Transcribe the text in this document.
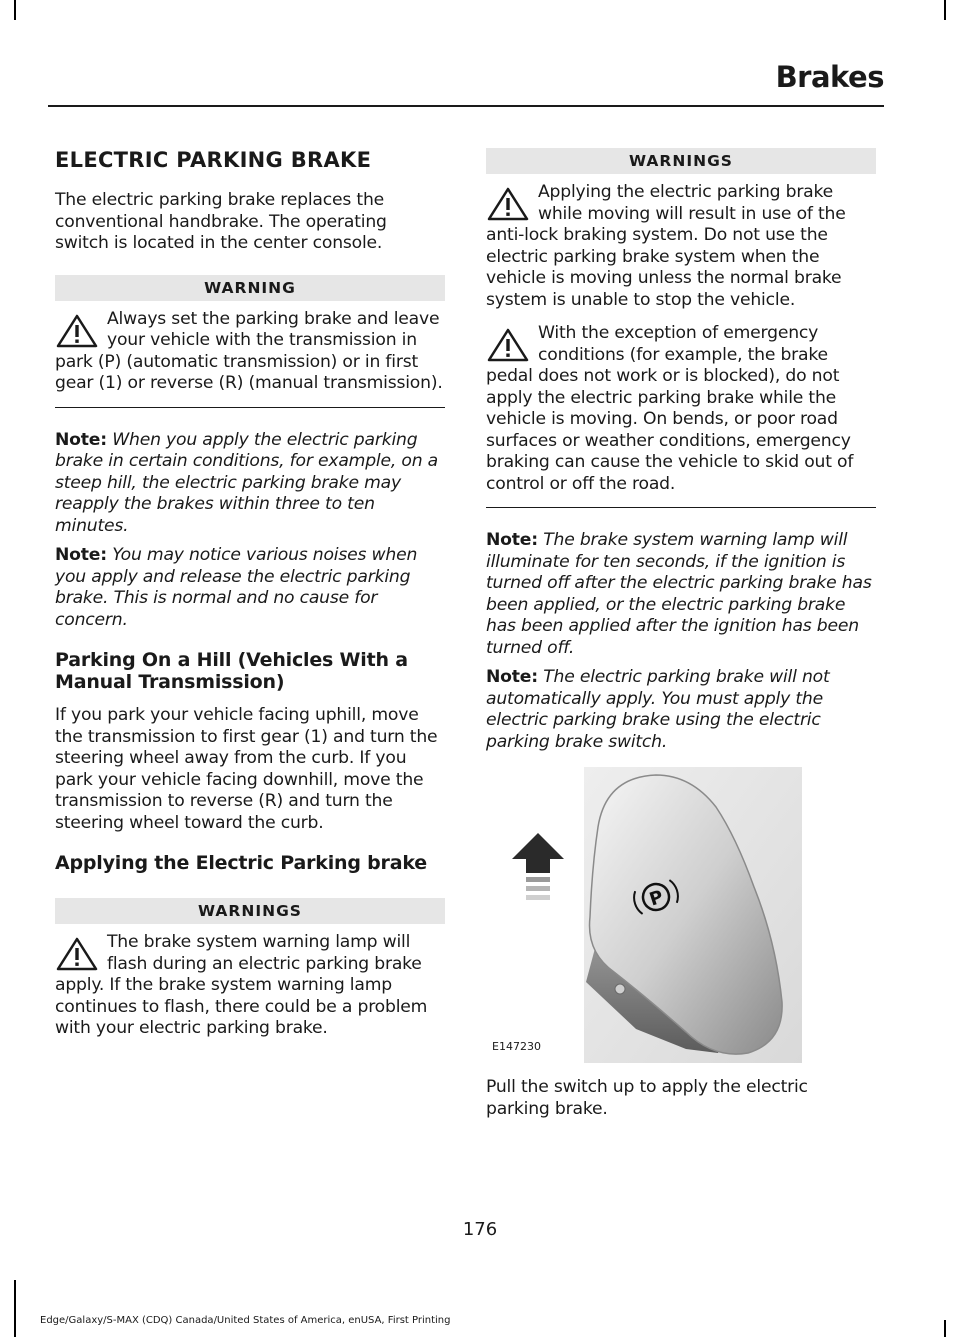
Brakes
ELECTRIC PARKING BRAKE

The electric parking brake replaces the conventional handbrake. The operating switch is located in the center console.

WARNING

Always set the parking brake and leave your vehicle with the transmission in park (P) (automatic transmission) or in first gear (1) or reverse (R) (manual transmission).

Note: When you apply the electric parking brake in certain conditions, for example, on a steep hill, the electric parking brake may reapply the brakes within three to ten minutes.

Note: You may notice various noises when you apply and release the electric parking brake. This is normal and no cause for concern.

Parking On a Hill (Vehicles With a Manual Transmission)

If you park your vehicle facing uphill, move the transmission to first gear (1) and turn the steering wheel away from the curb. If you park your vehicle facing downhill, move the transmission to reverse (R) and turn the steering wheel toward the curb.

Applying the Electric Parking brake
WARNINGS

The brake system warning lamp will flash during an electric parking brake apply. If the brake system warning lamp continues to flash, there could be a problem with your electric parking brake.

WARNINGS

Applying the electric parking brake while moving will result in use of the anti-lock braking system. Do not use the electric parking brake system when the vehicle is moving unless the normal brake system is unable to stop the vehicle.

With the exception of emergency conditions (for example, the brake pedal does not work or is blocked), do not apply the electric parking brake while the vehicle is moving. On bends, or poor road surfaces or weather conditions, emergency braking can cause the vehicle to skid out of control or off the road.

Note: The brake system warning lamp will illuminate for ten seconds, if the ignition is turned off after the electric parking brake has been applied, or the electric parking brake has been applied after the ignition has been turned off.

Note: The electric parking brake will not automatically apply. You must apply the electric parking brake using the electric parking brake switch.

P
E147230

Pull the switch up to apply the electric parking brake.

176
Edge/Galaxy/S-MAX (CDQ) Canada/United States of America, enUSA, First Printing
